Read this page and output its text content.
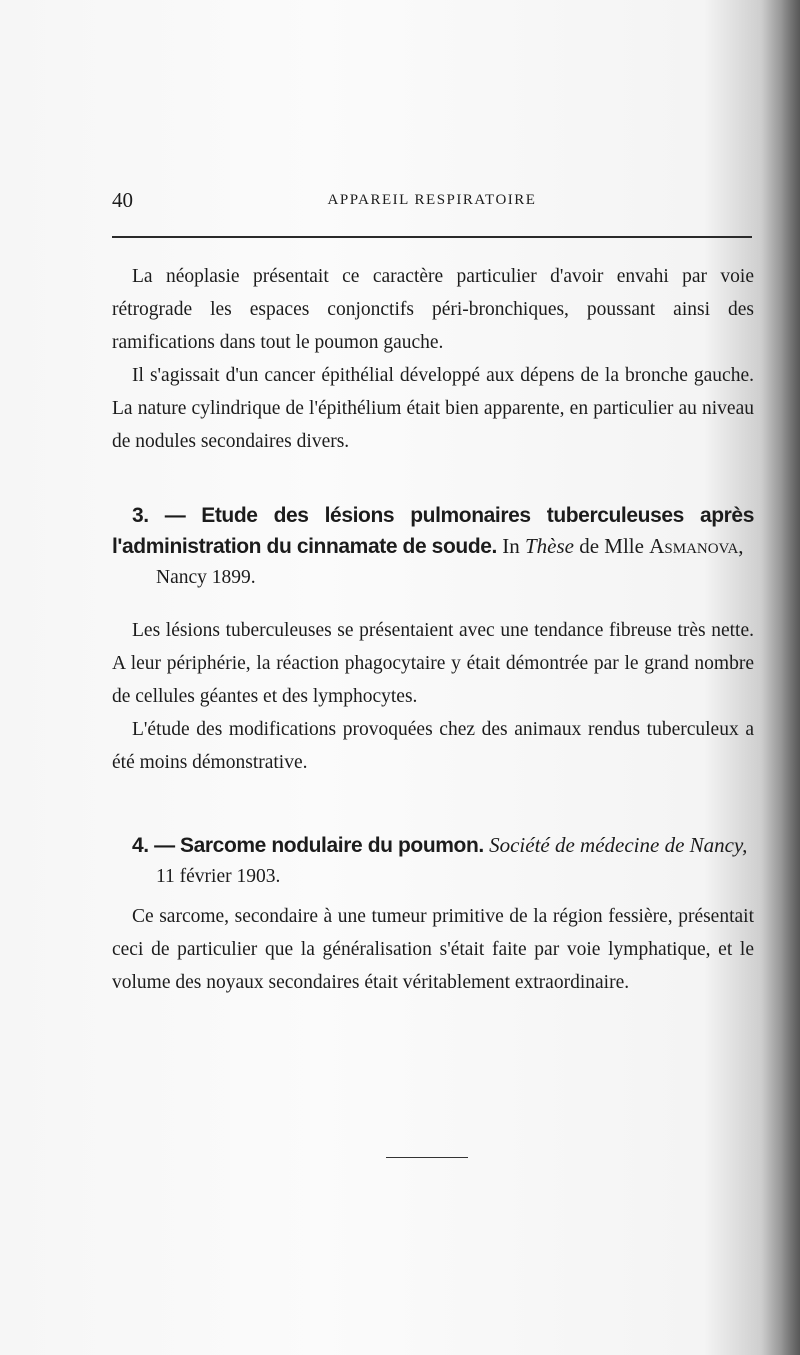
40	APPAREIL RESPIRATOIRE

La néoplasie présentait ce caractère particulier d'avoir envahi par voie rétrograde les espaces conjonctifs péri-bronchiques, poussant ainsi des ramifications dans tout le poumon gauche.

Il s'agissait d'un cancer épithélial développé aux dépens de la bronche gauche. La nature cylindrique de l'épithélium était bien apparente, en particulier au niveau de nodules secondaires divers.

3. — Etude des lésions pulmonaires tuberculeuses après l'administration du cinnamate de soude. In Thèse de Mlle Asmanova,
Nancy 1899.

Les lésions tuberculeuses se présentaient avec une tendance fibreuse très nette. A leur périphérie, la réaction phagocytaire y était démontrée par le grand nombre de cellules géantes et des lymphocytes.

L'étude des modifications provoquées chez des animaux rendus tuberculeux a été moins démonstrative.

4. — Sarcome nodulaire du poumon. Société de médecine de Nancy,
11 février 1903.

Ce sarcome, secondaire à une tumeur primitive de la région fessière, présentait ceci de particulier que la généralisation s'était faite par voie lymphatique, et le volume des noyaux secondaires était véritablement extraordinaire.
